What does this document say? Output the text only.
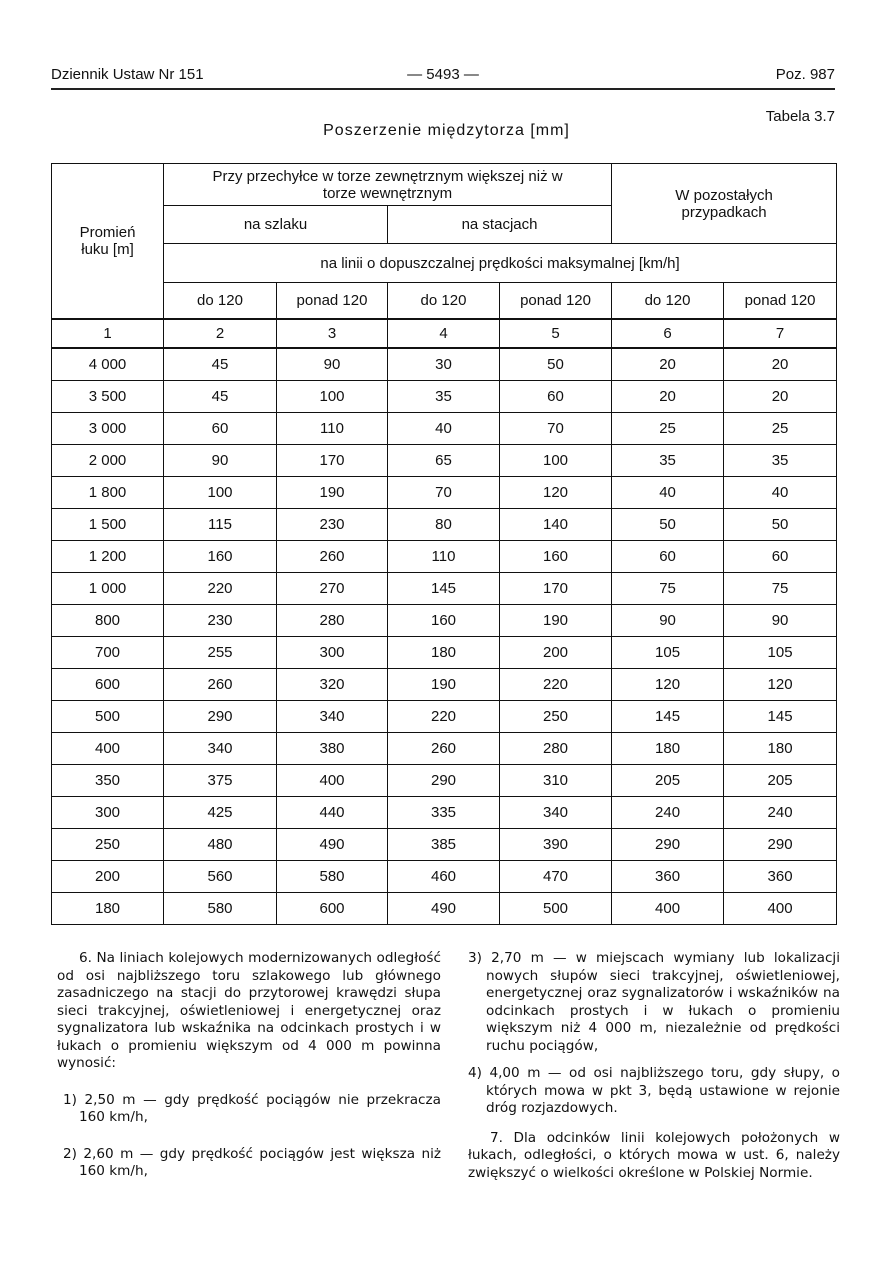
Dziennik Ustaw Nr 151	— 5493 —	Poz. 987
Tabela 3.7
Poszerzenie międzytorza [mm]
Promień łuku [m]	Przy przechyłce w torze zewnętrznym większej niż w torze wewnętrznym				W pozostałych przypadkach	
	na szlaku		na stacjach			
	na linii o dopuszczalnej prędkości maksymalnej [km/h]					
	do 120	ponad 120	do 120	ponad 120	do 120	ponad 120
1	2	3	4	5	6	7
4 000	45	90	30	50	20	20
3 500	45	100	35	60	20	20
3 000	60	110	40	70	25	25
2 000	90	170	65	100	35	35
1 800	100	190	70	120	40	40
1 500	115	230	80	140	50	50
1 200	160	260	110	160	60	60
1 000	220	270	145	170	75	75
800	230	280	160	190	90	90
700	255	300	180	200	105	105
600	260	320	190	220	120	120
500	290	340	220	250	145	145
400	340	380	260	280	180	180
350	375	400	290	310	205	205
300	425	440	335	340	240	240
250	480	490	385	390	290	290
200	560	580	460	470	360	360
180	580	600	490	500	400	400

6. Na liniach kolejowych modernizowanych odległość od osi najbliższego toru szlakowego lub głównego zasadniczego na stacji do przytorowej krawędzi słupa sieci trakcyjnej, oświetleniowej i energetycznej oraz sygnalizatora lub wskaźnika na odcinkach prostych i w łukach o promieniu większym od 4 000 m powinna wynosić:

1) 2,50 m — gdy prędkość pociągów nie przekracza 160 km/h,

2) 2,60 m — gdy prędkość pociągów jest większa niż 160 km/h,

3) 2,70 m — w miejscach wymiany lub lokalizacji nowych słupów sieci trakcyjnej, oświetleniowej, energetycznej oraz sygnalizatorów i wskaźników na odcinkach prostych i w łukach o promieniu większym niż 4 000 m, niezależnie od prędkości ruchu pociągów,

4) 4,00 m — od osi najbliższego toru, gdy słupy, o których mowa w pkt 3, będą ustawione w rejonie dróg rozjazdowych.

7. Dla odcinków linii kolejowych położonych w łukach, odległości, o których mowa w ust. 6, należy zwiększyć o wielkości określone w Polskiej Normie.
